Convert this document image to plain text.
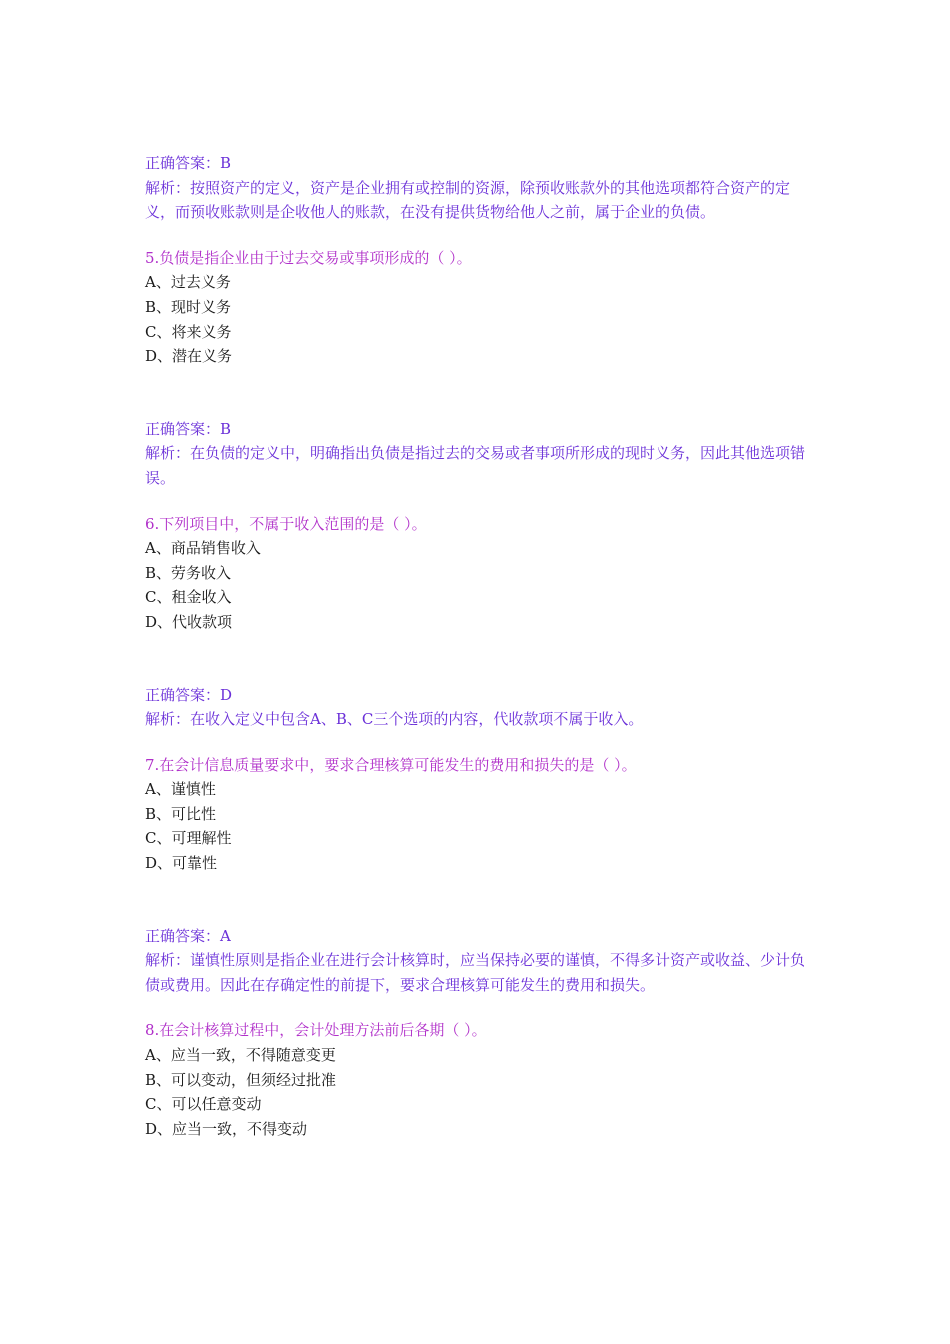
正确答案：B

解析：按照资产的定义，资产是企业拥有或控制的资源，除预收账款外的其他选项都符合资产的定义，而预收账款则是企收他人的账款，在没有提供货物给他人之前，属于企业的负债。

5.负债是指企业由于过去交易或事项形成的（ ）。

A、过去义务

B、现时义务

C、将来义务

D、潜在义务

正确答案：B

解析：在负债的定义中，明确指出负债是指过去的交易或者事项所形成的现时义务，因此其他选项错误。

6.下列项目中，不属于收入范围的是（ ）。

A、商品销售收入

B、劳务收入

C、租金收入

D、代收款项

正确答案：D

解析：在收入定义中包含A、B、C三个选项的内容，代收款项不属于收入。

7.在会计信息质量要求中，要求合理核算可能发生的费用和损失的是（ ）。

A、谨慎性

B、可比性

C、可理解性

D、可靠性

正确答案：A

解析：谨慎性原则是指企业在进行会计核算时，应当保持必要的谨慎，不得多计资产或收益、少计负债或费用。因此在存确定性的前提下，要求合理核算可能发生的费用和损失。

8.在会计核算过程中，会计处理方法前后各期（ ）。

A、应当一致，不得随意变更

B、可以变动，但须经过批准

C、可以任意变动

D、应当一致，不得变动
